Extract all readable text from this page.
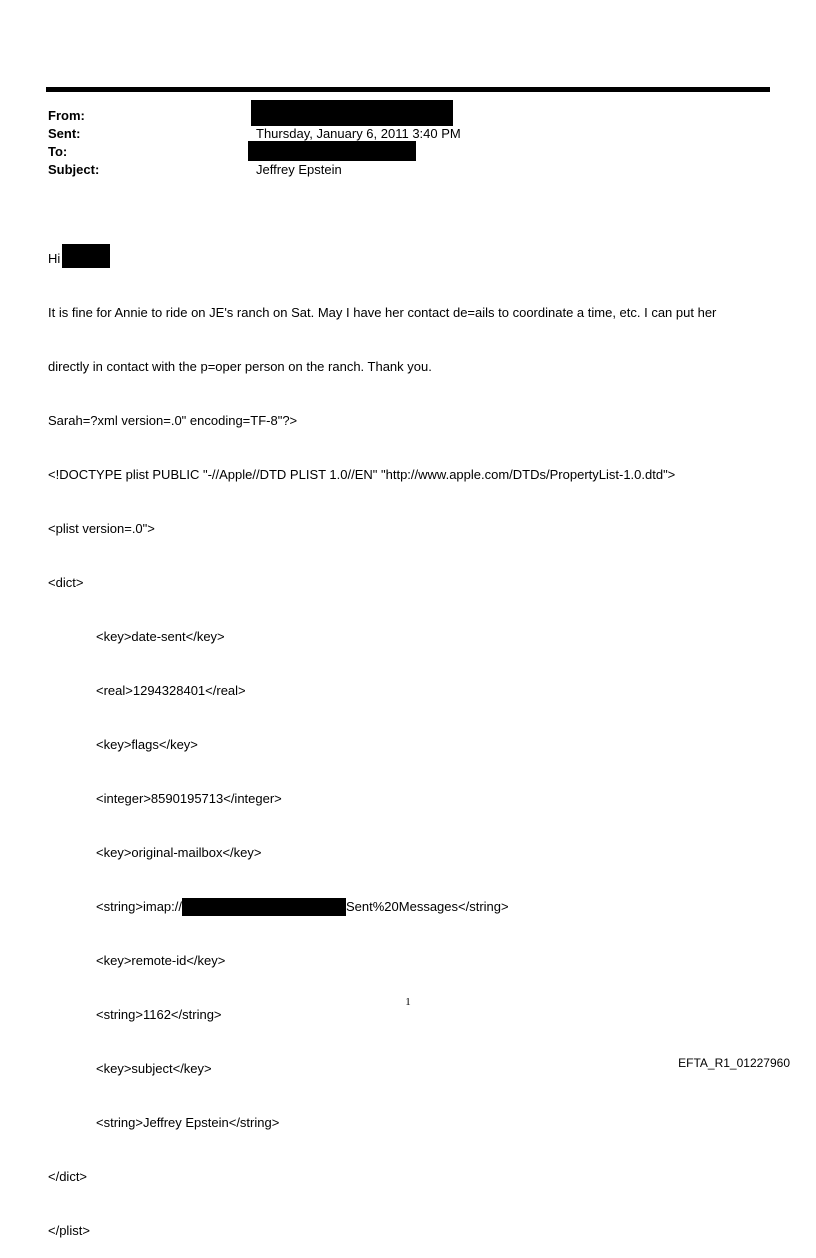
From:
Sent:	Thursday, January 6, 2011 3:40 PM
To:
Subject:	Jeffrey Epstein

Hi

It is fine for Annie to ride on JE's ranch on Sat. May I have her contact de=ails to coordinate a time, etc. I can put her

directly in contact with the p=oper person on the ranch. Thank you.

Sarah=?xml version=.0" encoding=TF-8"?>

<!DOCTYPE plist PUBLIC "-//Apple//DTD PLIST 1.0//EN" "http://www.apple.com/DTDs/PropertyList-1.0.dtd">

<plist version=.0">

<dict>

<key>date-sent</key>

<real>1294328401</real>

<key>flags</key>

<integer>8590195713</integer>

<key>original-mailbox</key>

<string>imap://	Sent%20Messages</string>

<key>remote-id</key>

<string>1162</string>

<key>subject</key>

<string>Jeffrey Epstein</string>

</dict>

</plist>

1
EFTA_R1_01227960
